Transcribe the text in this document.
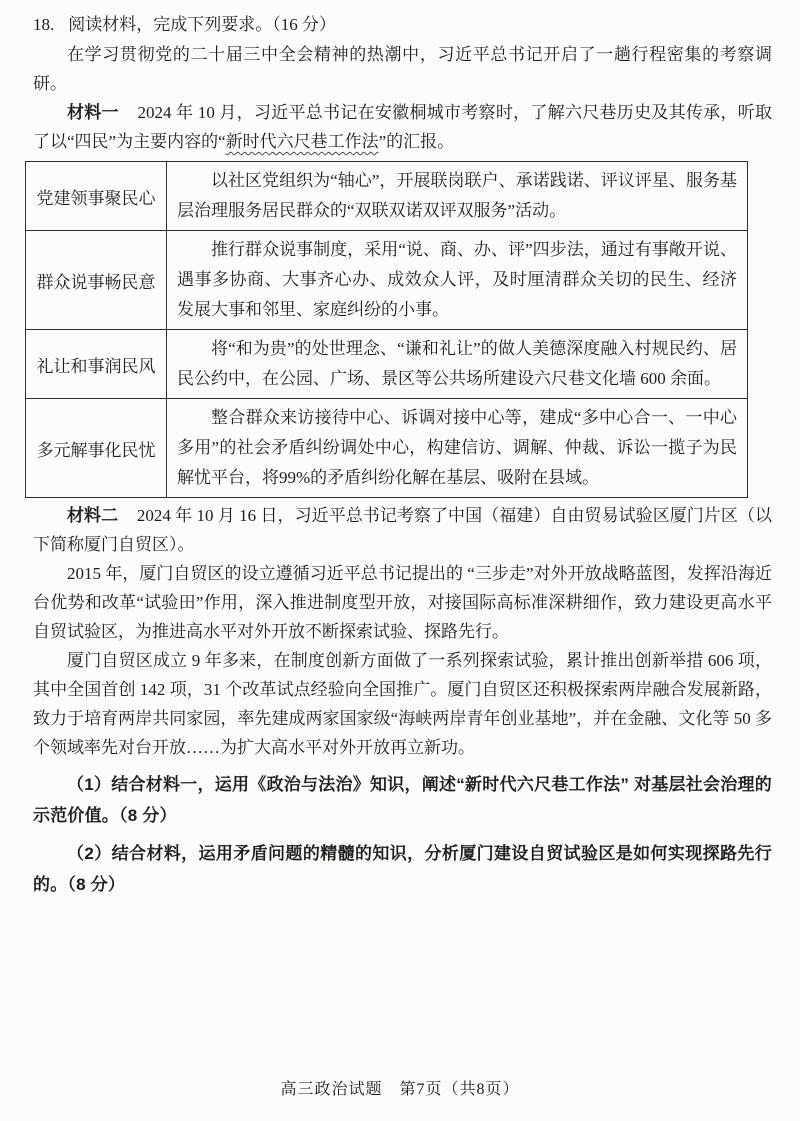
18. 阅读材料，完成下列要求。（16 分）

在学习贯彻党的二十届三中全会精神的热潮中，习近平总书记开启了一趟行程密集的考察调研。

材料一 2024 年 10 月，习近平总书记在安徽桐城市考察时，了解六尺巷历史及其传承，听取了以“四民”为主要内容的“新时代六尺巷工作法”的汇报。

党建领事聚民心	以社区党组织为“轴心”，开展联岗联户、承诺践诺、评议评星、服务基层治理服务居民群众的“双联双诺双评双服务”活动。

群众说事畅民意	推行群众说事制度，采用“说、商、办、评”四步法，通过有事敞开说、遇事多协商、大事齐心办、成效众人评，及时厘清群众关切的民生、经济发展大事和邻里、家庭纠纷的小事。

礼让和事润民风	将“和为贵”的处世理念、“谦和礼让”的做人美德深度融入村规民约、居民公约中，在公园、广场、景区等公共场所建设六尺巷文化墙 600 余面。

多元解事化民忧	整合群众来访接待中心、诉调对接中心等，建成“多中心合一、一中心多用”的社会矛盾纠纷调处中心，构建信访、调解、仲裁、诉讼一揽子为民解忧平台，将99%的矛盾纠纷化解在基层、吸附在县域。

材料二 2024 年 10 月 16 日，习近平总书记考察了中国（福建）自由贸易试验区厦门片区（以下简称厦门自贸区）。

2015 年，厦门自贸区的设立遵循习近平总书记提出的 “三步走”对外开放战略蓝图，发挥沿海近台优势和改革“试验田”作用，深入推进制度型开放，对接国际高标准深耕细作，致力建设更高水平自贸试验区，为推进高水平对外开放不断探索试验、探路先行。

厦门自贸区成立 9 年多来，在制度创新方面做了一系列探索试验，累计推出创新举措 606 项，其中全国首创 142 项，31 个改革试点经验向全国推广。厦门自贸区还积极探索两岸融合发展新路，致力于培育两岸共同家园，率先建成两家国家级“海峡两岸青年创业基地”，并在金融、文化等 50 多个领域率先对台开放……为扩大高水平对外开放再立新功。

（1）结合材料一，运用《政治与法治》知识，阐述“新时代六尺巷工作法” 对基层社会治理的示范价值。（8 分）

（2）结合材料，运用矛盾问题的精髓的知识，分析厦门建设自贸试验区是如何实现探路先行的。（8 分）

高三政治试题　第7页（共8页）
